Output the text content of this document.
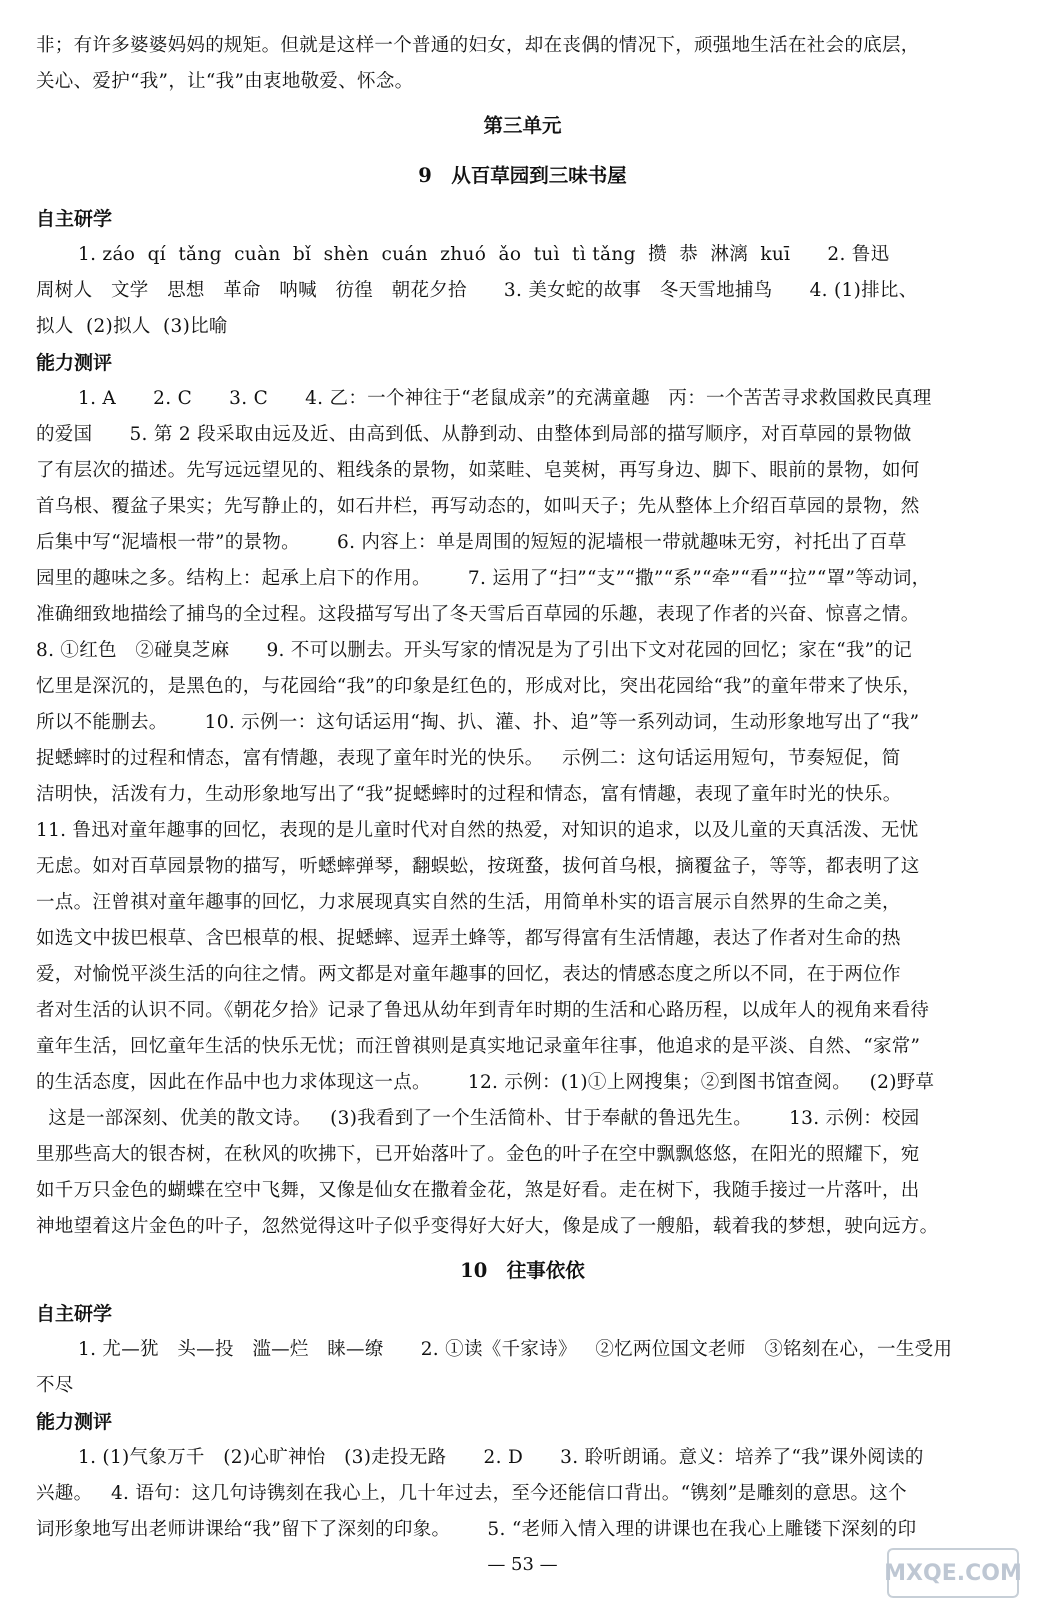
非；有许多婆婆妈妈的规矩。但就是这样一个普通的妇女，却在丧偶的情况下，顽强地生活在社会的底层，
关心、爱护“我”，让“我”由衷地敬爱、怀念。
第三单元
9　从百草园到三味书屋
自主研学
1. záo  qí  tǎng  cuàn  bǐ  shèn  cuán  zhuó  ǎo  tuì  tì tǎng  攒  恭  淋漓  kuī      2. 鲁迅
周树人   文学   思想   革命   呐喊   彷徨   朝花夕拾      3. 美女蛇的故事   冬天雪地捕鸟      4. (1)排比、
拟人  (2)拟人  (3)比喻
能力测评
1. A      2. C      3. C      4. 乙：一个神往于“老鼠成亲”的充满童趣   丙：一个苦苦寻求救国救民真理
的爱国      5. 第 2 段采取由远及近、由高到低、从静到动、由整体到局部的描写顺序，对百草园的景物做
了有层次的描述。先写远远望见的、粗线条的景物，如菜畦、皂荚树，再写身边、脚下、眼前的景物，如何
首乌根、覆盆子果实；先写静止的，如石井栏，再写动态的，如叫天子；先从整体上介绍百草园的景物，然
后集中写“泥墙根一带”的景物。      6. 内容上：单是周围的短短的泥墙根一带就趣味无穷，衬托出了百草
园里的趣味之多。结构上：起承上启下的作用。      7. 运用了“扫”“支”“撒”“系”“牵”“看”“拉”“罩”等动词，
准确细致地描绘了捕鸟的全过程。这段描写写出了冬天雪后百草园的乐趣，表现了作者的兴奋、惊喜之情。
8. ①红色   ②碰臭芝麻      9. 不可以删去。开头写家的情况是为了引出下文对花园的回忆；家在“我”的记
忆里是深沉的，是黑色的，与花园给“我”的印象是红色的，形成对比，突出花园给“我”的童年带来了快乐，
所以不能删去。      10. 示例一：这句话运用“掏、扒、灌、扑、追”等一系列动词，生动形象地写出了“我”
捉蟋蟀时的过程和情态，富有情趣，表现了童年时光的快乐。   示例二：这句话运用短句，节奏短促，简
洁明快，活泼有力，生动形象地写出了“我”捉蟋蟀时的过程和情态，富有情趣，表现了童年时光的快乐。
11. 鲁迅对童年趣事的回忆，表现的是儿童时代对自然的热爱，对知识的追求，以及儿童的天真活泼、无忧
无虑。如对百草园景物的描写，听蟋蟀弹琴，翻蜈蚣，按斑蝥，拔何首乌根，摘覆盆子，等等，都表明了这
一点。汪曾祺对童年趣事的回忆，力求展现真实自然的生活，用简单朴实的语言展示自然界的生命之美，
如选文中拔巴根草、含巴根草的根、捉蟋蟀、逗弄土蜂等，都写得富有生活情趣，表达了作者对生命的热
爱，对愉悦平淡生活的向往之情。两文都是对童年趣事的回忆，表达的情感态度之所以不同，在于两位作
者对生活的认识不同。《朝花夕拾》记录了鲁迅从幼年到青年时期的生活和心路历程，以成年人的视角来看待
童年生活，回忆童年生活的快乐无忧；而汪曾祺则是真实地记录童年往事，他追求的是平淡、自然、“家常”
的生活态度，因此在作品中也力求体现这一点。      12. 示例：(1)①上网搜集；②到图书馆查阅。   (2)野草
这是一部深刻、优美的散文诗。   (3)我看到了一个生活简朴、甘于奉献的鲁迅先生。      13. 示例：校园
里那些高大的银杏树，在秋风的吹拂下，已开始落叶了。金色的叶子在空中飘飘悠悠，在阳光的照耀下，宛
如千万只金色的蝴蝶在空中飞舞，又像是仙女在撒着金花，煞是好看。走在树下，我随手接过一片落叶，出
神地望着这片金色的叶子，忽然觉得这叶子似乎变得好大好大，像是成了一艘船，载着我的梦想，驶向远方。
10　往事依依
自主研学
1. 尤—犹   头—投   滥—烂   睐—缭      2. ①读《千家诗》   ②忆两位国文老师   ③铭刻在心，一生受用
不尽
能力测评
1. (1)气象万千   (2)心旷神怡   (3)走投无路      2. D      3. 聆听朗诵。意义：培养了“我”课外阅读的
兴趣。   4. 语句：这几句诗镌刻在我心上，几十年过去，至今还能信口背出。“镌刻”是雕刻的意思。这个
词形象地写出老师讲课给“我”留下了深刻的印象。      5. “老师入情入理的讲课也在我心上雕镂下深刻的印
— 53 —	MXQE.COM
